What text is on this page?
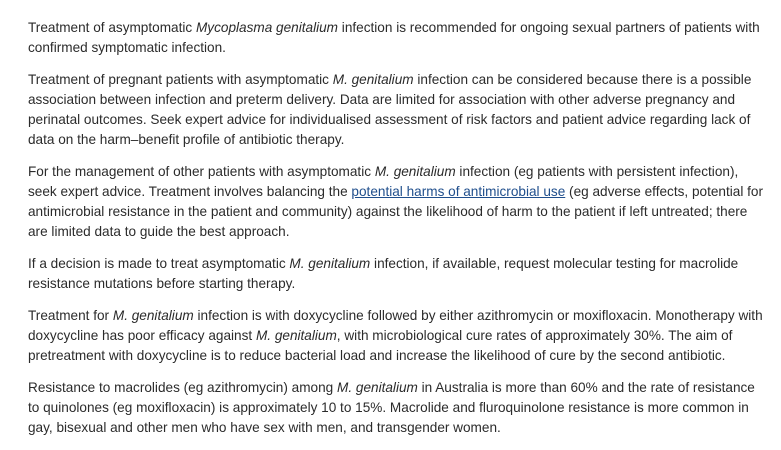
Treatment of asymptomatic Mycoplasma genitalium infection is recommended for ongoing sexual partners of patients with confirmed symptomatic infection.

Treatment of pregnant patients with asymptomatic M. genitalium infection can be considered because there is a possible association between infection and preterm delivery. Data are limited for association with other adverse pregnancy and perinatal outcomes. Seek expert advice for individualised assessment of risk factors and patient advice regarding lack of data on the harm–benefit profile of antibiotic therapy.

For the management of other patients with asymptomatic M. genitalium infection (eg patients with persistent infection), seek expert advice. Treatment involves balancing the potential harms of antimicrobial use (eg adverse effects, potential for antimicrobial resistance in the patient and community) against the likelihood of harm to the patient if left untreated; there are limited data to guide the best approach.

If a decision is made to treat asymptomatic M. genitalium infection, if available, request molecular testing for macrolide resistance mutations before starting therapy.

Treatment for M. genitalium infection is with doxycycline followed by either azithromycin or moxifloxacin. Monotherapy with doxycycline has poor efficacy against M. genitalium, with microbiological cure rates of approximately 30%. The aim of pretreatment with doxycycline is to reduce bacterial load and increase the likelihood of cure by the second antibiotic.

Resistance to macrolides (eg azithromycin) among M. genitalium in Australia is more than 60% and the rate of resistance to quinolones (eg moxifloxacin) is approximately 10 to 15%. Macrolide and fluroquinolone resistance is more common in gay, bisexual and other men who have sex with men, and transgender women.
